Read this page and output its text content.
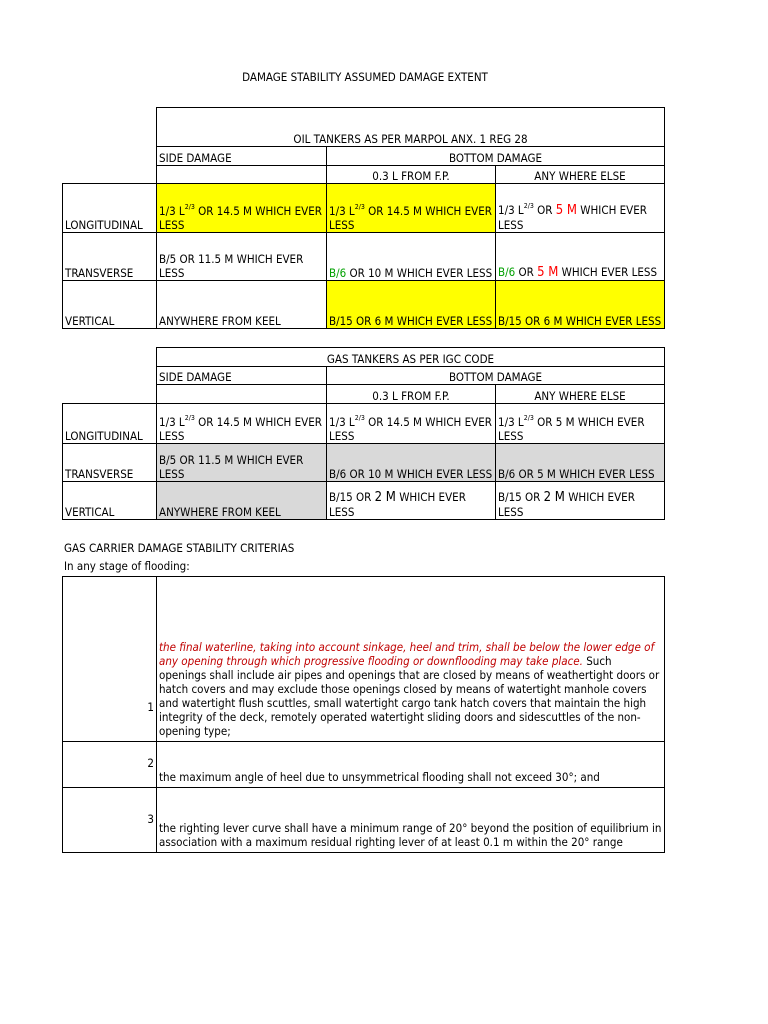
DAMAGE STABILITY ASSUMED DAMAGE EXTENT
	OIL TANKERS AS PER MARPOL ANX. 1 REG 28		
	SIDE DAMAGE	BOTTOM DAMAGE	
		0.3 L FROM F.P.	ANY WHERE ELSE
LONGITUDINAL	1/3 $L^{2/3}$ OR 14.5 M WHICH EVER LESS	1/3 $L^{2/3}$ OR 14.5 M WHICH EVER LESS	1/3 $L^{2/3}$ OR 5 M WHICH EVER LESS
TRANSVERSE	B/5 OR 11.5 M WHICH EVER LESS	B/6 OR 10 M WHICH EVER LESS	B/6 OR 5 M WHICH EVER LESS
VERTICAL	ANYWHERE FROM KEEL	B/15 OR 6 M WHICH EVER LESS	B/15 OR 6 M WHICH EVER LESS
	GAS TANKERS AS PER IGC CODE		
	SIDE DAMAGE	BOTTOM DAMAGE	
		0.3 L FROM F.P.	ANY WHERE ELSE
LONGITUDINAL	1/3 $L^{2/3}$ OR 14.5 M WHICH EVER LESS	1/3 $L^{2/3}$ OR 14.5 M WHICH EVER LESS	1/3 $L^{2/3}$ OR 5 M WHICH EVER LESS
TRANSVERSE	B/5 OR 11.5 M WHICH EVER LESS	B/6 OR 10 M WHICH EVER LESS	B/6 OR 5 M WHICH EVER LESS
VERTICAL	ANYWHERE FROM KEEL	B/15 OR 2 M WHICH EVER LESS	B/15 OR 2 M WHICH EVER LESS
GAS CARRIER DAMAGE STABILITY CRITERIAS
In any stage of flooding:
1	the final waterline, taking into account sinkage, heel and trim, shall be below the lower edge of any opening through which progressive flooding or downflooding may take place. Such openings shall include air pipes and openings that are closed by means of weathertight doors or hatch covers and may exclude those openings closed by means of watertight manhole covers and watertight flush scuttles, small watertight cargo tank hatch covers that maintain the high integrity of the deck, remotely operated watertight sliding doors and sidescuttles of the non-opening type;
2	the maximum angle of heel due to unsymmetrical flooding shall not exceed 30°; and
3	the righting lever curve shall have a minimum range of 20° beyond the position of equilibrium in association with a maximum residual righting lever of at least 0.1 m within the 20° range
